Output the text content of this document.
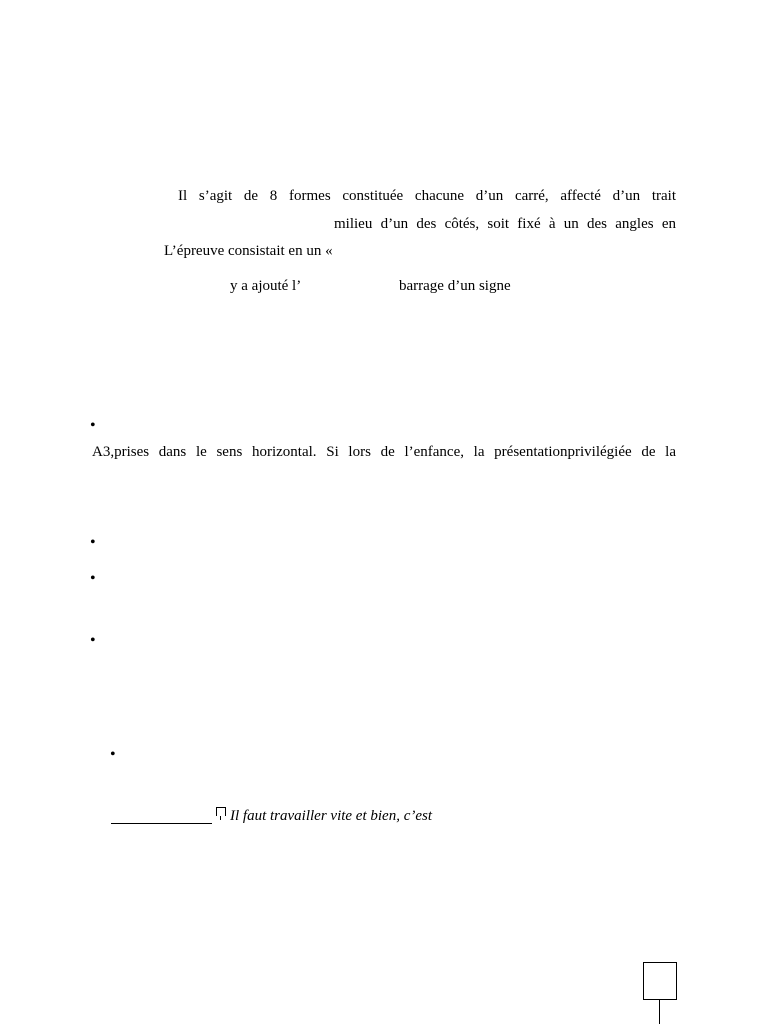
Il s’agit de 8 formes constituée chacune d’un carré, affecté d’un trait
milieu d’un des côtés, soit fixé à un des angles en
L’épreuve consistait en un «
y a ajouté l’	barrage d’un signe
•
A3,prises dans le sens horizontal. Si lors de l’enfance, la présentationprivilégiée de la
•
•
•
•
Il faut travailler vite et bien, c’est
